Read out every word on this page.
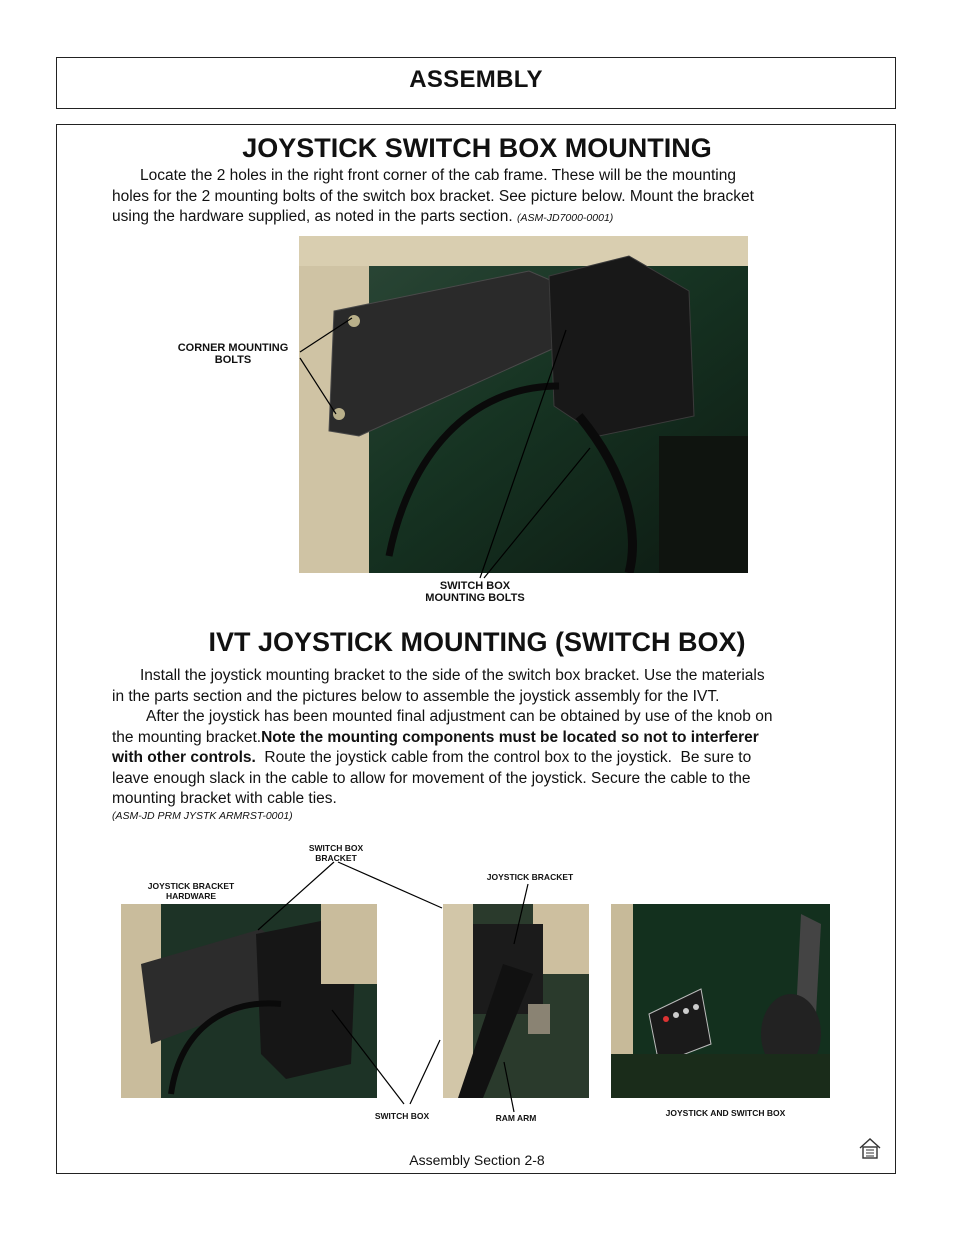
ASSEMBLY
JOYSTICK SWITCH BOX MOUNTING
Locate the 2 holes in the right front corner of the cab frame. These will be the mounting
holes for the 2 mounting bolts of the switch box bracket. See picture below. Mount the bracket
using the hardware supplied, as noted in the parts section. (ASM-JD7000-0001)
CORNER MOUNTING
BOLTS
SWITCH BOX
MOUNTING BOLTS
IVT JOYSTICK MOUNTING (SWITCH BOX)
Install the joystick mounting bracket to the side of the switch box bracket. Use the materials
in the parts section and the pictures below to assemble the joystick assembly for the IVT.
After the joystick has been mounted final adjustment can be obtained by use of the knob on
the mounting bracket.Note the mounting components must be located so not to interferer
with other controls.  Route the joystick cable from the control box to the joystick.  Be sure to
leave enough slack in the cable to allow for movement of the joystick. Secure the cable to the
mounting bracket with cable ties.
(ASM-JD PRM JYSTK ARMRST-0001)
SWITCH BOX
BRACKET
JOYSTICK BRACKET
HARDWARE
JOYSTICK BRACKET
SWITCH BOX	RAM ARM	JOYSTICK AND SWITCH BOX
Assembly Section 2-8
